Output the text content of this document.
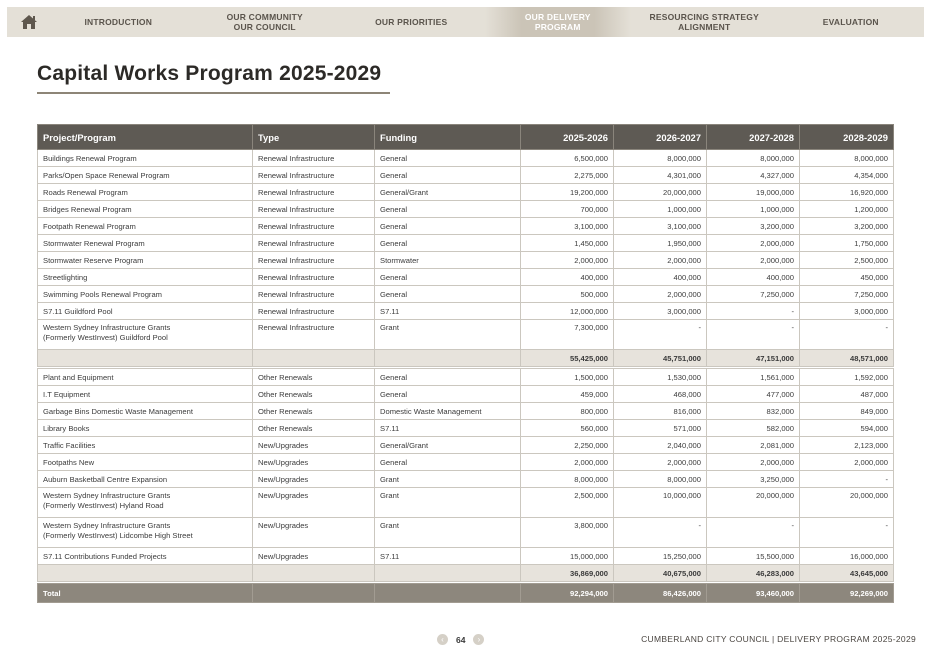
INTRODUCTION	OUR COMMUNITY
OUR COUNCIL	OUR PRIORITIES	OUR DELIVERY
PROGRAM
RESOURCING STRATEGY
ALIGNMENT	EVALUATION
Capital Works Program 2025-2029
Project/Program	Type	Funding	2025-2026	2026-2027	2027-2028	2028-2029
Buildings Renewal Program	Renewal Infrastructure	General	6,500,000	8,000,000	8,000,000	8,000,000
Parks/Open Space Renewal Program	Renewal Infrastructure	General	2,275,000	4,301,000	4,327,000	4,354,000
Roads Renewal Program	Renewal Infrastructure	General/Grant	19,200,000	20,000,000	19,000,000	16,920,000
Bridges Renewal Program	Renewal Infrastructure	General	700,000	1,000,000	1,000,000	1,200,000
Footpath Renewal Program	Renewal Infrastructure	General	3,100,000	3,100,000	3,200,000	3,200,000
Stormwater Renewal Program	Renewal Infrastructure	General	1,450,000	1,950,000	2,000,000	1,750,000
Stormwater Reserve Program	Renewal Infrastructure	Stormwater	2,000,000	2,000,000	2,000,000	2,500,000
Streetlighting	Renewal Infrastructure	General	400,000	400,000	400,000	450,000
Swimming Pools Renewal Program	Renewal Infrastructure	General	500,000	2,000,000	7,250,000	7,250,000
S7.11 Guildford Pool	Renewal Infrastructure	S7.11	12,000,000	3,000,000	-	3,000,000

Western Sydney Infrastructure Grants
(Formerly WestInvest) Guildford Pool	Renewal Infrastructure	Grant	7,300,000	-	-	-

			55,425,000	45,751,000	47,151,000	48,571,000
Plant and Equipment	Other Renewals	General	1,500,000	1,530,000	1,561,000	1,592,000
I.T Equipment	Other Renewals	General	459,000	468,000	477,000	487,000
Garbage Bins Domestic Waste Management	Other Renewals	Domestic Waste Management	800,000	816,000	832,000	849,000
Library Books	Other Renewals	S7.11	560,000	571,000	582,000	594,000
Traffic Facilities	New/Upgrades	General/Grant	2,250,000	2,040,000	2,081,000	2,123,000
Footpaths New	New/Upgrades	General	2,000,000	2,000,000	2,000,000	2,000,000
Auburn Basketball Centre Expansion	New/Upgrades	Grant	8,000,000	8,000,000	3,250,000	-

Western Sydney Infrastructure Grants
(Formerly WestInvest) Hyland Road	New/Upgrades	Grant	2,500,000	10,000,000	20,000,000	20,000,000

Western Sydney Infrastructure Grants
(Formerly WestInvest) Lidcombe High Street	New/Upgrades	Grant	3,800,000	-	-	-

S7.11 Contributions Funded Projects	New/Upgrades	S7.11	15,000,000	15,250,000	15,500,000	16,000,000
			36,869,000	40,675,000	46,283,000	43,645,000
Total			92,294,000	86,426,000	93,460,000	92,269,000
‹	64	›	CUMBERLAND CITY COUNCIL | DELIVERY PROGRAM 2025-2029
